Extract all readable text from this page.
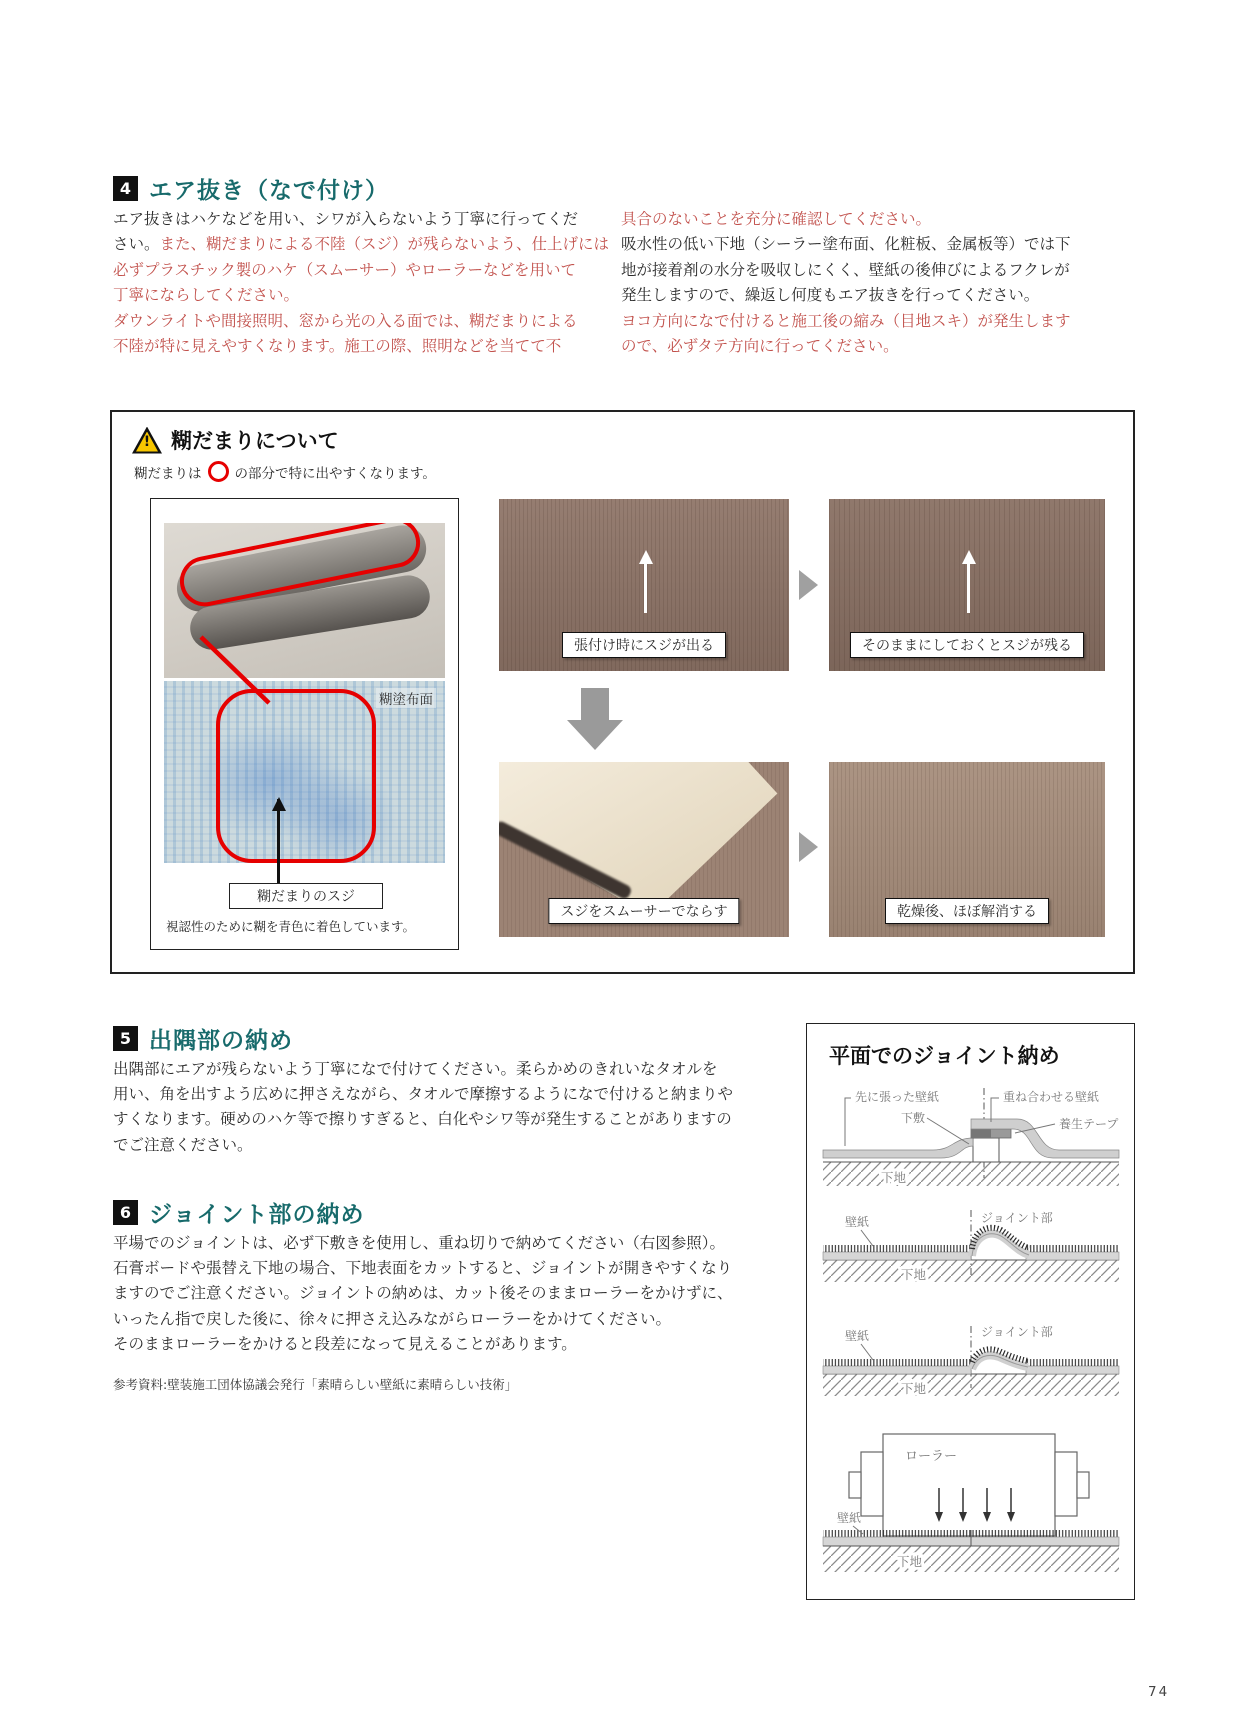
4 エア抜き（なで付け）
エア抜きはハケなどを用い、シワが入らないよう丁寧に行ってくだ
さい。また、糊だまりによる不陸（スジ）が残らないよう、仕上げには
必ずプラスチック製のハケ（スムーサー）やローラーなどを用いて
丁寧にならしてください。
ダウンライトや間接照明、窓から光の入る面では、糊だまりによる
不陸が特に見えやすくなります。施工の際、照明などを当てて不
具合のないことを充分に確認してください。
吸水性の低い下地（シーラー塗布面、化粧板、金属板等）では下
地が接着剤の水分を吸収しにくく、壁紙の後伸びによるフクレが
発生しますので、繰返し何度もエア抜きを行ってください。
ヨコ方向になで付けると施工後の縮み（目地スキ）が発生します
ので、必ずタテ方向に行ってください。
!
糊だまりについて
糊だまりは の部分で特に出やすくなります。
糊塗布面
糊だまりのスジ
視認性のために糊を青色に着色しています。
張付け時にスジが出る	そのままにしておくとスジが残る
スジをスムーサーでならす	乾燥後、ほぼ解消する
5 出隅部の納め
出隅部にエアが残らないよう丁寧になで付けてください。柔らかめのきれいなタオルを
用い、角を出すよう広めに押さえながら、タオルで摩擦するようになで付けると納まりや
すくなります。硬めのハケ等で擦りすぎると、白化やシワ等が発生することがありますの
でご注意ください。
6 ジョイント部の納め
平場でのジョイントは、必ず下敷きを使用し、重ね切りで納めてください（右図参照）。
石膏ボードや張替え下地の場合、下地表面をカットすると、ジョイントが開きやすくなり
ますのでご注意ください。ジョイントの納めは、カット後そのままローラーをかけずに、
いったん指で戻した後に、徐々に押さえ込みながらローラーをかけてください。
そのままローラーをかけると段差になって見えることがあります。
参考資料:壁装施工団体協議会発行「素晴らしい壁紙に素晴らしい技術」
平面でのジョイント納め
先に張った壁紙	重ね合わせる壁紙
下敷	養生テープ
下地
壁紙	ジョイント部
下地
壁紙	ジョイント部
下地
ローラー
壁紙
下地
74
